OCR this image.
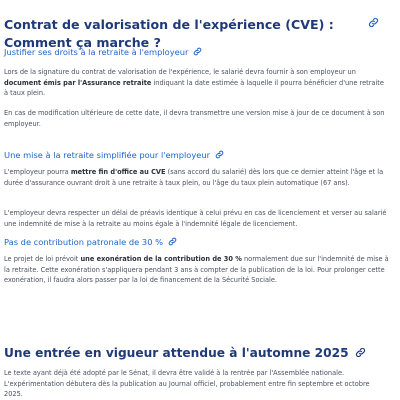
Contrat de valorisation de l'expérience (CVE) : Comment ça marche ?
Justifier ses droits à la retraite à l'employeur

Lors de la signature du contrat de valorisation de l'expérience, le salarié devra fournir à son employeur un document émis par l'Assurance retraite indiquant la date estimée à laquelle il pourra bénéficier d'une retraite à taux plein.

En cas de modification ultérieure de cette date, il devra transmettre une version mise à jour de ce document à son employeur.

Une mise à la retraite simplifiée pour l'employeur

L'employeur pourra mettre fin d'office au CVE (sans accord du salarié) dès lors que ce dernier atteint l'âge et la durée d'assurance ouvrant droit à une retraite à taux plein, ou l'âge du taux plein automatique (67 ans).

L'employeur devra respecter un délai de préavis identique à celui prévu en cas de licenciement et verser au salarié une indemnité de mise à la retraite au moins égale à l'indemnité légale de licenciement.

Pas de contribution patronale de 30 %

Le projet de loi prévoit une exonération de la contribution de 30 % normalement due sur l'indemnité de mise à la retraite. Cette exonération s'appliquera pendant 3 ans à compter de la publication de la loi. Pour prolonger cette exonération, il faudra alors passer par la loi de financement de la Sécurité Sociale.

Une entrée en vigueur attendue à l'automne 2025

Le texte ayant déjà été adopté par le Sénat, il devra être validé à la rentrée par l'Assemblée nationale. L'expérimentation débutera dès la publication au Journal officiel, probablement entre fin septembre et octobre 2025.
